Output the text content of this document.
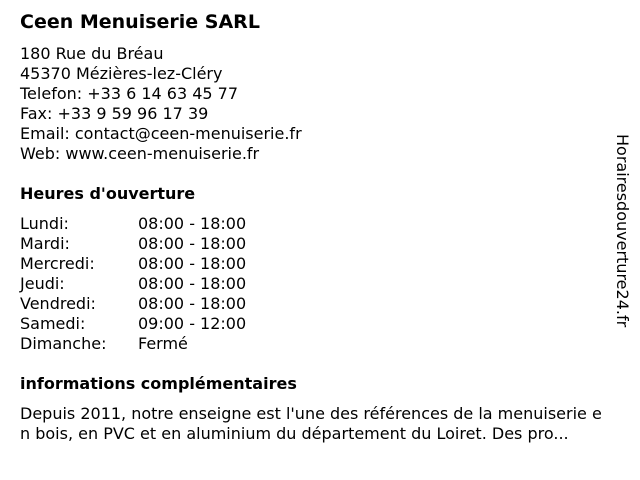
Ceen Menuiserie SARL
180 Rue du Bréau
45370 Mézières-lez-Cléry
Telefon: +33 6 14 63 45 77
Fax: +33 9 59 96 17 39
Email: contact@ceen-menuiserie.fr
Web: www.ceen-menuiserie.fr
Heures d'ouverture
Lundi:	08:00 - 18:00
Mardi:	08:00 - 18:00
Mercredi:	08:00 - 18:00
Jeudi:	08:00 - 18:00
Vendredi:	08:00 - 18:00
Samedi:	09:00 - 12:00
Dimanche:	Fermé
informations complémentaires
Depuis 2011, notre enseigne est l'une des références de la menuiserie en bois, en PVC et en aluminium du département du Loiret. Des pro...
Horairesdouverture24.fr
